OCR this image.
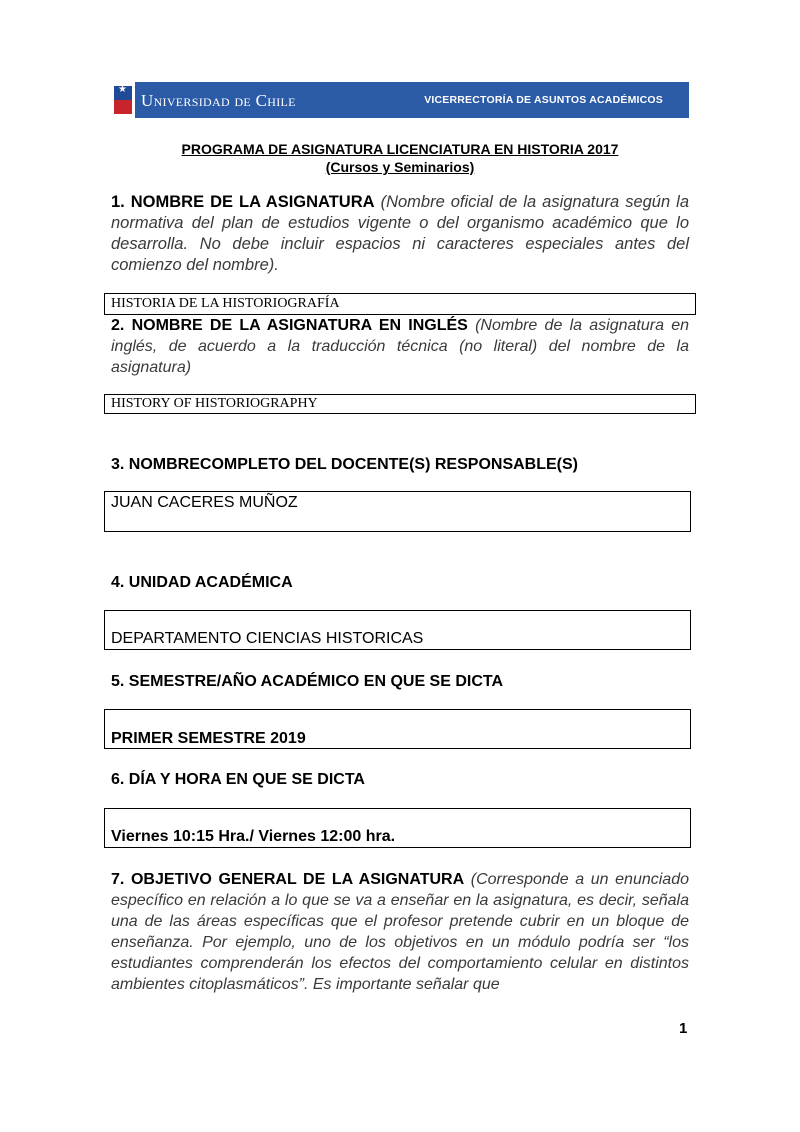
★
Universidad de Chile	VICERRECTORÍA DE ASUNTOS ACADÉMICOS
PROGRAMA DE ASIGNATURA LICENCIATURA EN HISTORIA 2017
(Cursos y Seminarios)
1. NOMBRE DE LA ASIGNATURA (Nombre oficial de la asignatura según la normativa del plan de estudios vigente o del organismo académico que lo desarrolla. No debe incluir espacios ni caracteres especiales antes del comienzo del nombre).
HISTORIA DE LA HISTORIOGRAFÍA
2. NOMBRE DE LA ASIGNATURA EN INGLÉS (Nombre de la asignatura en inglés, de acuerdo a la traducción técnica (no literal) del nombre de la asignatura)
HISTORY OF HISTORIOGRAPHY
3. NOMBRECOMPLETO DEL DOCENTE(S) RESPONSABLE(S)
JUAN CACERES MUÑOZ
4. UNIDAD ACADÉMICA
DEPARTAMENTO CIENCIAS HISTORICAS
5. SEMESTRE/AÑO ACADÉMICO EN QUE SE DICTA
PRIMER SEMESTRE 2019
6. DÍA Y HORA EN QUE SE DICTA
Viernes 10:15 Hra./ Viernes 12:00 hra.
7. OBJETIVO GENERAL DE LA ASIGNATURA (Corresponde a un enunciado específico en relación a lo que se va a enseñar en la asignatura, es decir, señala una de las áreas específicas que el profesor pretende cubrir en un bloque de enseñanza. Por ejemplo, uno de los objetivos en un módulo podría ser “los estudiantes comprenderán los efectos del comportamiento celular en distintos ambientes citoplasmáticos”. Es importante señalar que
1
